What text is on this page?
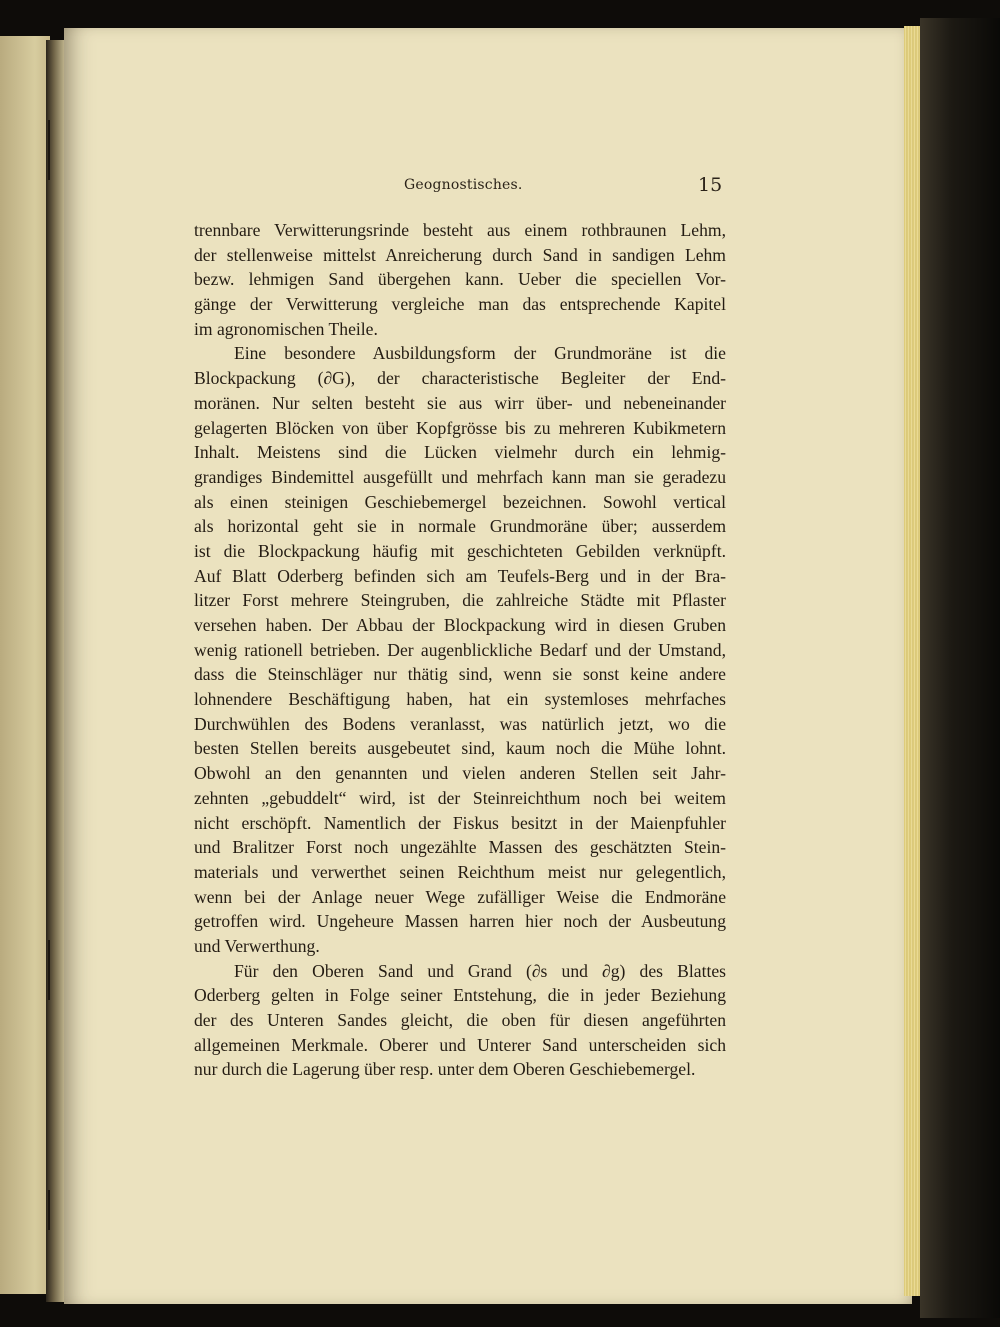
Geognostisches.	15
trennbare Verwitterungsrinde besteht aus einem rothbraunen Lehm,
der stellenweise mittelst Anreicherung durch Sand in sandigen Lehm
bezw. lehmigen Sand übergehen kann. Ueber die speciellen Vor-
gänge der Verwitterung vergleiche man das entsprechende Kapitel
im agronomischen Theile.
Eine besondere Ausbildungsform der Grundmoräne ist die
Blockpackung (∂G), der characteristische Begleiter der End-
moränen. Nur selten besteht sie aus wirr über- und nebeneinander
gelagerten Blöcken von über Kopfgrösse bis zu mehreren Kubikmetern
Inhalt. Meistens sind die Lücken vielmehr durch ein lehmig-
grandiges Bindemittel ausgefüllt und mehrfach kann man sie geradezu
als einen steinigen Geschiebemergel bezeichnen. Sowohl vertical
als horizontal geht sie in normale Grundmoräne über; ausserdem
ist die Blockpackung häufig mit geschichteten Gebilden verknüpft.
Auf Blatt Oderberg befinden sich am Teufels-Berg und in der Bra-
litzer Forst mehrere Steingruben, die zahlreiche Städte mit Pflaster
versehen haben. Der Abbau der Blockpackung wird in diesen Gruben
wenig rationell betrieben. Der augenblickliche Bedarf und der Umstand,
dass die Steinschläger nur thätig sind, wenn sie sonst keine andere
lohnendere Beschäftigung haben, hat ein systemloses mehrfaches
Durchwühlen des Bodens veranlasst, was natürlich jetzt, wo die
besten Stellen bereits ausgebeutet sind, kaum noch die Mühe lohnt.
Obwohl an den genannten und vielen anderen Stellen seit Jahr-
zehnten „gebuddelt“ wird, ist der Steinreichthum noch bei weitem
nicht erschöpft. Namentlich der Fiskus besitzt in der Maienpfuhler
und Bralitzer Forst noch ungezählte Massen des geschätzten Stein-
materials und verwerthet seinen Reichthum meist nur gelegentlich,
wenn bei der Anlage neuer Wege zufälliger Weise die Endmoräne
getroffen wird. Ungeheure Massen harren hier noch der Ausbeutung
und Verwerthung.
Für den Oberen Sand und Grand (∂s und ∂g) des Blattes
Oderberg gelten in Folge seiner Entstehung, die in jeder Beziehung
der des Unteren Sandes gleicht, die oben für diesen angeführten
allgemeinen Merkmale. Oberer und Unterer Sand unterscheiden sich
nur durch die Lagerung über resp. unter dem Oberen Geschiebemergel.
